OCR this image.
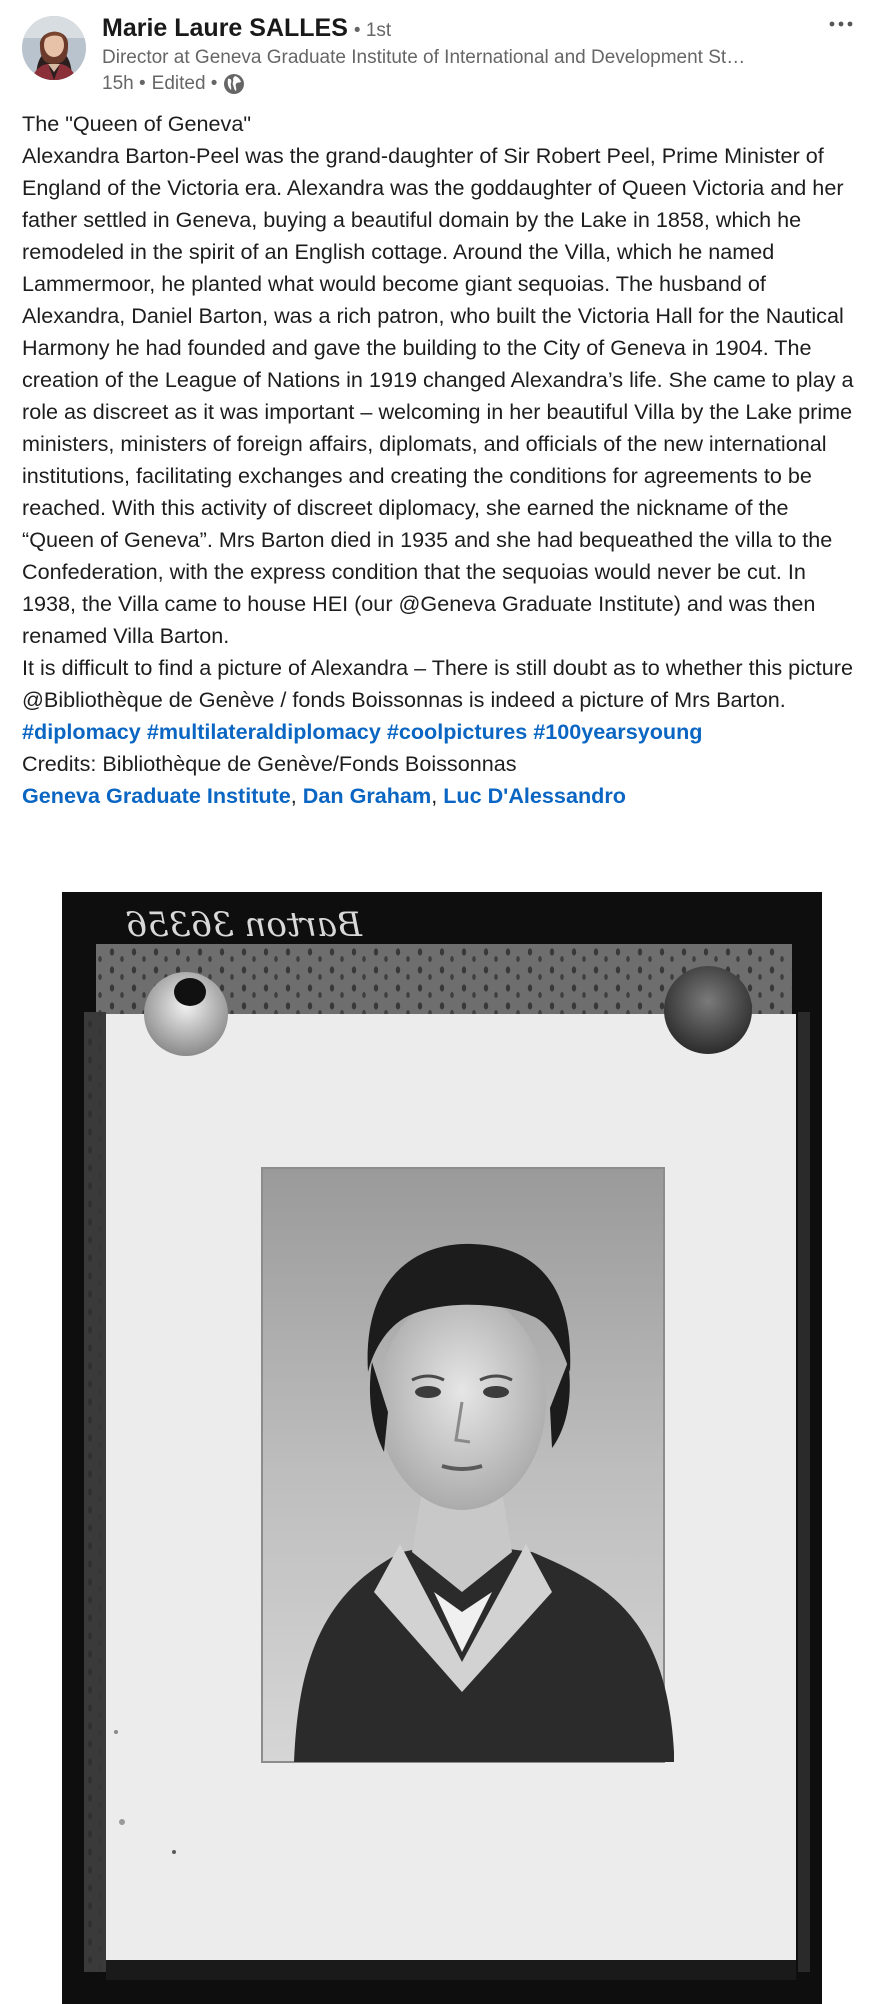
Marie Laure SALLES • 1st
Director at Geneva Graduate Institute of International and Development St…
15h • Edited •

The "Queen of Geneva"

Alexandra Barton-Peel was the grand-daughter of Sir Robert Peel, Prime Minister of England of the Victoria era. Alexandra was the goddaughter of Queen Victoria and her father settled in Geneva, buying a beautiful domain by the Lake in 1858, which he remodeled in the spirit of an English cottage. Around the Villa, which he named Lammermoor, he planted what would become giant sequoias. The husband of Alexandra, Daniel Barton, was a rich patron, who built the Victoria Hall for the Nautical Harmony he had founded and gave the building to the City of Geneva in 1904. The creation of the League of Nations in 1919 changed Alexandra’s life. She came to play a role as discreet as it was important – welcoming in her beautiful Villa by the Lake prime ministers, ministers of foreign affairs, diplomats, and officials of the new international institutions, facilitating exchanges and creating the conditions for agreements to be reached. With this activity of discreet diplomacy, she earned the nickname of the “Queen of Geneva”. Mrs Barton died in 1935 and she had bequeathed the villa to the Confederation, with the express condition that the sequoias would never be cut. In 1938, the Villa came to house HEI (our @Geneva Graduate Institute) and was then renamed Villa Barton.

It is difficult to find a picture of Alexandra – There is still doubt as to whether this picture @Bibliothèque de Genève / fonds Boissonnas is indeed a picture of Mrs Barton.

#diplomacy #multilateraldiplomacy #coolpictures #100yearsyoung

Credits: Bibliothèque de Genève/Fonds Boissonnas

Geneva Graduate Institute, Dan Graham, Luc D'Alessandro

Barton 36356
